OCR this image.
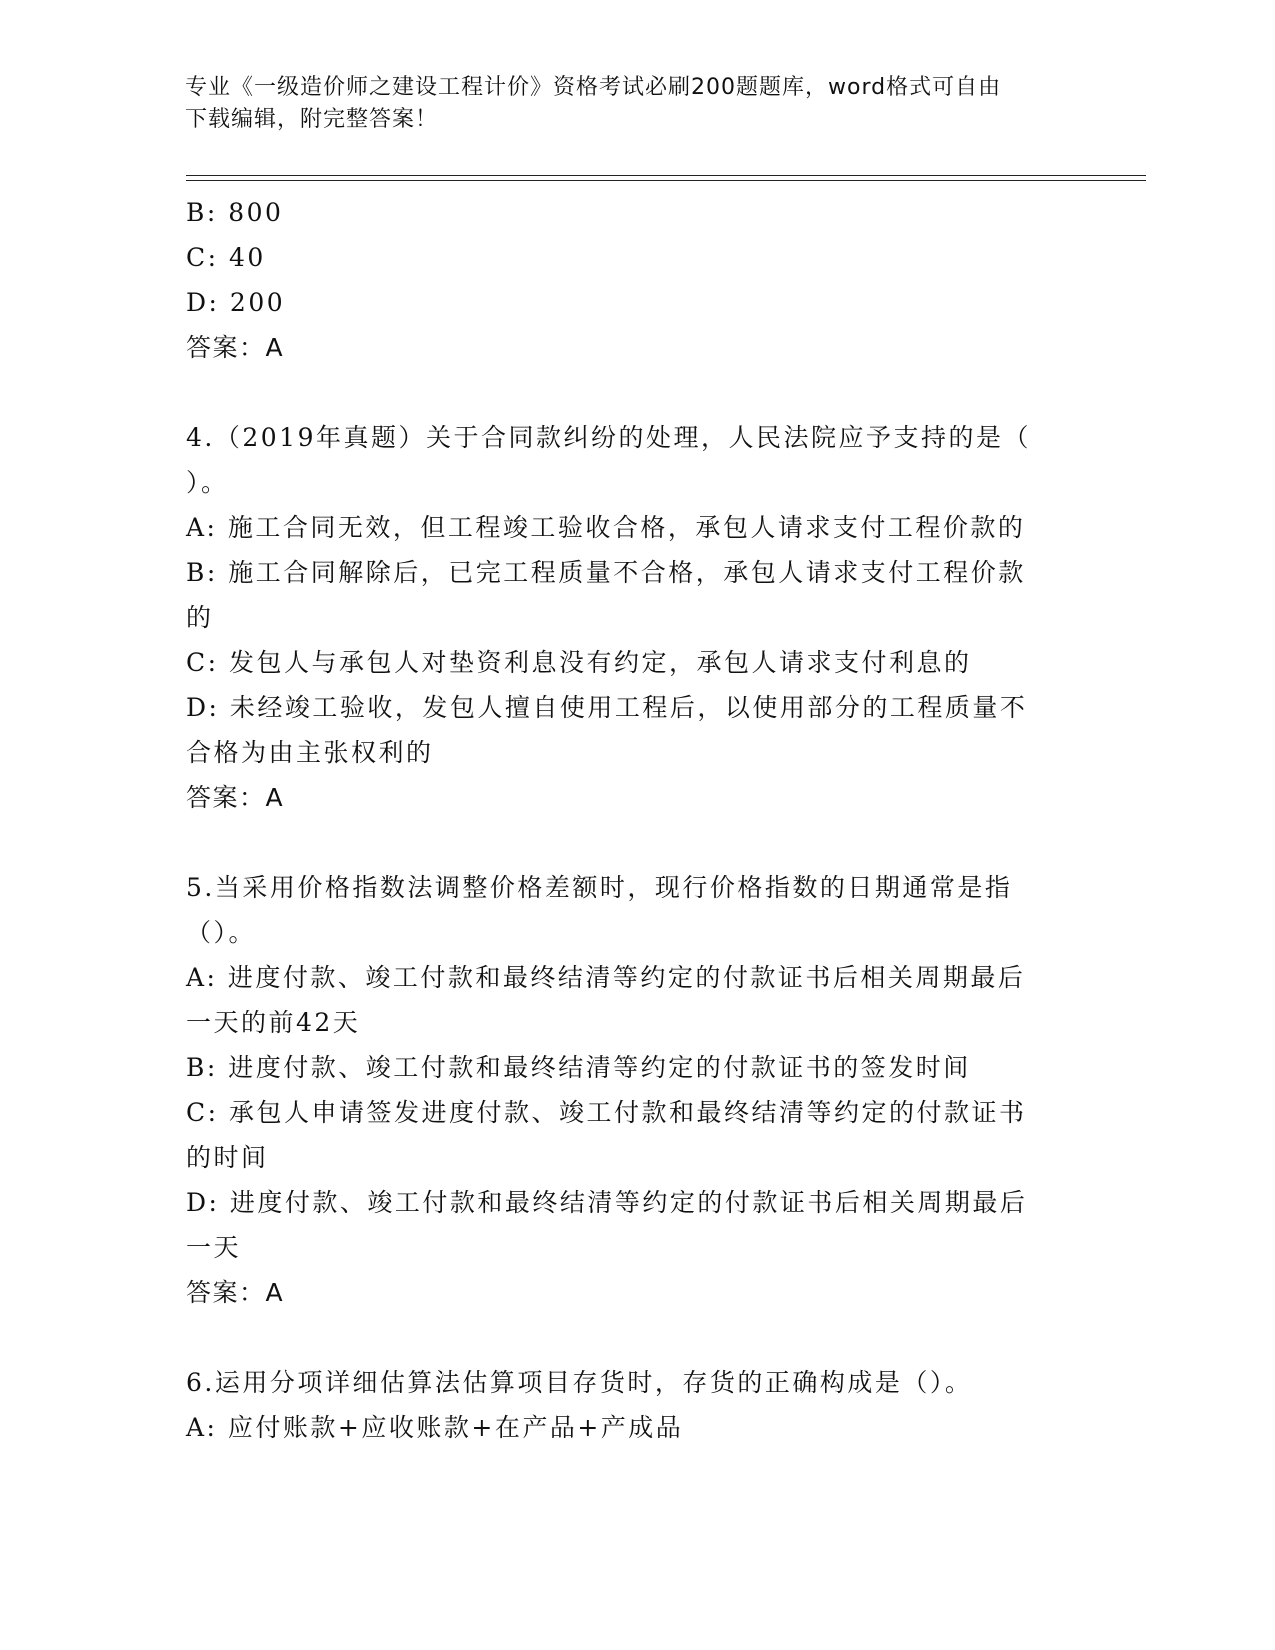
专业《一级造价师之建设工程计价》资格考试必刷200题题库，word格式可自由
下载编辑，附完整答案！
B: 800
C: 40
D: 200
答案：A
4.（2019年真题）关于合同款纠纷的处理，人民法院应予支持的是（
）。
A: 施工合同无效，但工程竣工验收合格，承包人请求支付工程价款的
B: 施工合同解除后，已完工程质量不合格，承包人请求支付工程价款
的
C: 发包人与承包人对垫资利息没有约定，承包人请求支付利息的
D: 未经竣工验收，发包人擅自使用工程后，以使用部分的工程质量不
合格为由主张权利的
答案：A
5.当采用价格指数法调整价格差额时，现行价格指数的日期通常是指
（）。
A: 进度付款、竣工付款和最终结清等约定的付款证书后相关周期最后
一天的前42天
B: 进度付款、竣工付款和最终结清等约定的付款证书的签发时间
C: 承包人申请签发进度付款、竣工付款和最终结清等约定的付款证书
的时间
D: 进度付款、竣工付款和最终结清等约定的付款证书后相关周期最后
一天
答案：A
6.运用分项详细估算法估算项目存货时，存货的正确构成是（）。
A: 应付账款+应收账款+在产品+产成品
